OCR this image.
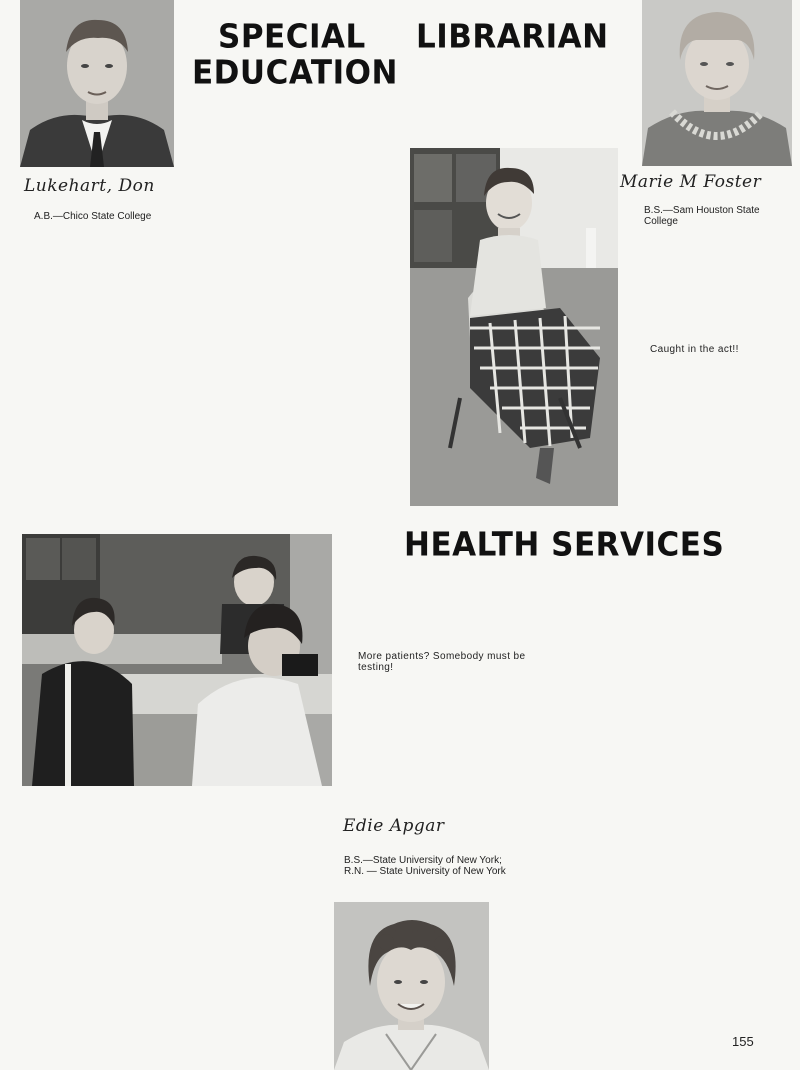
SPECIAL
EDUCATION
LIBRARIAN
HEALTH SERVICES
Lukehart, Don
A.B.—Chico State College
Marie M Foster
B.S.—Sam Houston State College
Caught in the act!!
More patients? Somebody must be testing!
Edie Apgar
B.S.—State University of New York; R.N. — State University of New York
155
